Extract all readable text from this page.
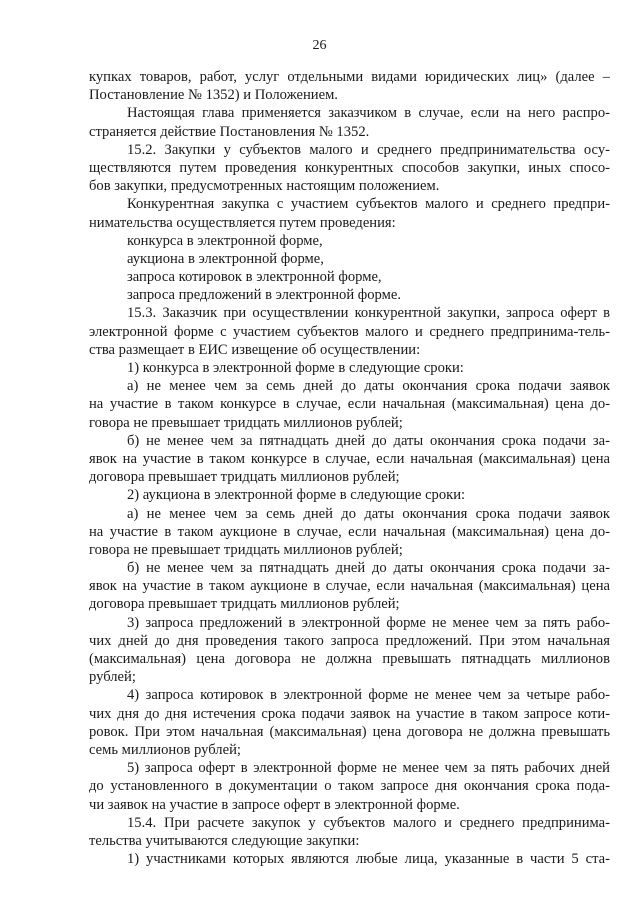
26
купках товаров, работ, услуг отдельными видами юридических лиц» (далее –
Постановление № 1352) и Положением.
Настоящая глава применяется заказчиком в случае, если на него распро-
страняется действие Постановления № 1352.
15.2. Закупки у субъектов малого и среднего предпринимательства осу-
ществляются путем проведения конкурентных способов закупки, иных спосо-
бов закупки, предусмотренных настоящим положением.
Конкурентная закупка с участием субъектов малого и среднего предпри-
нимательства осуществляется путем проведения:
конкурса в электронной форме,
аукциона в электронной форме,
запроса котировок в электронной форме,
запроса предложений в электронной форме.
15.3. Заказчик при осуществлении конкурентной закупки, запроса оферт в
электронной форме с участием субъектов малого и среднего предпринима-тель-
ства размещает в ЕИС извещение об осуществлении:
1) конкурса в электронной форме в следующие сроки:
а) не менее чем за семь дней до даты окончания срока подачи заявок
на участие в таком конкурсе в случае, если начальная (максимальная) цена до-
говора не превышает тридцать миллионов рублей;
б) не менее чем за пятнадцать дней до даты окончания срока подачи за-
явок на участие в таком конкурсе в случае, если начальная (максимальная) цена
договора превышает тридцать миллионов рублей;
2) аукциона в электронной форме в следующие сроки:
а) не менее чем за семь дней до даты окончания срока подачи заявок
на участие в таком аукционе в случае, если начальная (максимальная) цена до-
говора не превышает тридцать миллионов рублей;
б) не менее чем за пятнадцать дней до даты окончания срока подачи за-
явок на участие в таком аукционе в случае, если начальная (максимальная) цена
договора превышает тридцать миллионов рублей;
3) запроса предложений в электронной форме не менее чем за пять рабо-
чих дней до дня проведения такого запроса предложений. При этом начальная
(максимальная) цена договора не должна превышать пятнадцать миллионов
рублей;
4) запроса котировок в электронной форме не менее чем за четыре рабо-
чих дня до дня истечения срока подачи заявок на участие в таком запросе коти-
ровок. При этом начальная (максимальная) цена договора не должна превышать
семь миллионов рублей;
5) запроса оферт в электронной форме не менее чем за пять рабочих дней
до установленного в документации о таком запросе дня окончания срока пода-
чи заявок на участие в запросе оферт в электронной форме.
15.4. При расчете закупок у субъектов малого и среднего предпринима-
тельства учитываются следующие закупки:
1) участниками которых являются любые лица, указанные в части 5 ста-
